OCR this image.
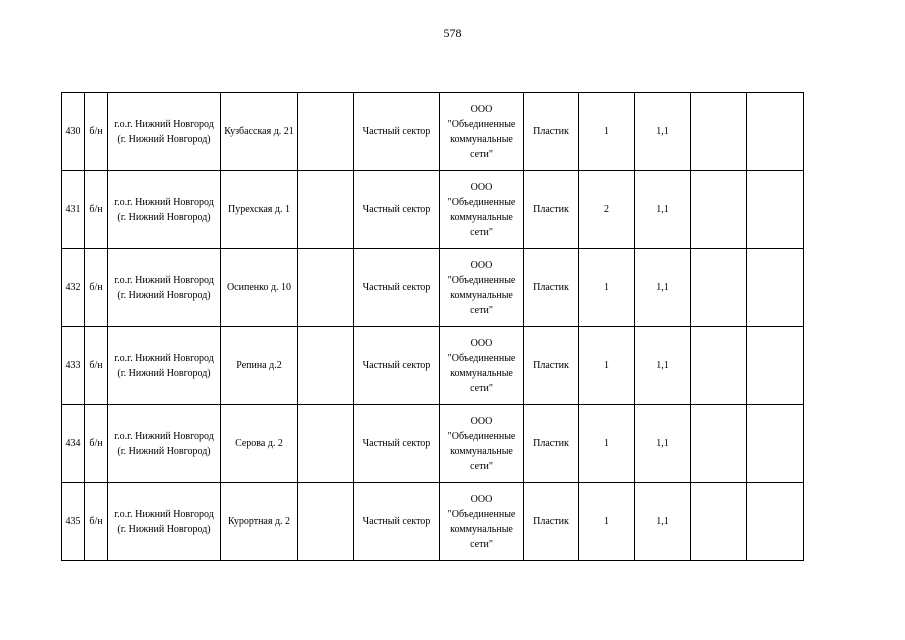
578
430	б/н	г.о.г. Нижний Новгород (г. Нижний Новгород)	Кузбасская д. 21		Частный сектор	ООО "Объединенные коммунальные сети"	Пластик	1	1,1		
431	б/н	г.о.г. Нижний Новгород (г. Нижний Новгород)	Пурехская д. 1		Частный сектор	ООО "Объединенные коммунальные сети"	Пластик	2	1,1		
432	б/н	г.о.г. Нижний Новгород (г. Нижний Новгород)	Осипенко д. 10		Частный сектор	ООО "Объединенные коммунальные сети"	Пластик	1	1,1		
433	б/н	г.о.г. Нижний Новгород (г. Нижний Новгород)	Репина д.2		Частный сектор	ООО "Объединенные коммунальные сети"	Пластик	1	1,1		
434	б/н	г.о.г. Нижний Новгород (г. Нижний Новгород)	Серова д. 2		Частный сектор	ООО "Объединенные коммунальные сети"	Пластик	1	1,1		
435	б/н	г.о.г. Нижний Новгород (г. Нижний Новгород)	Курортная д. 2		Частный сектор	ООО "Объединенные коммунальные сети"	Пластик	1	1,1		
